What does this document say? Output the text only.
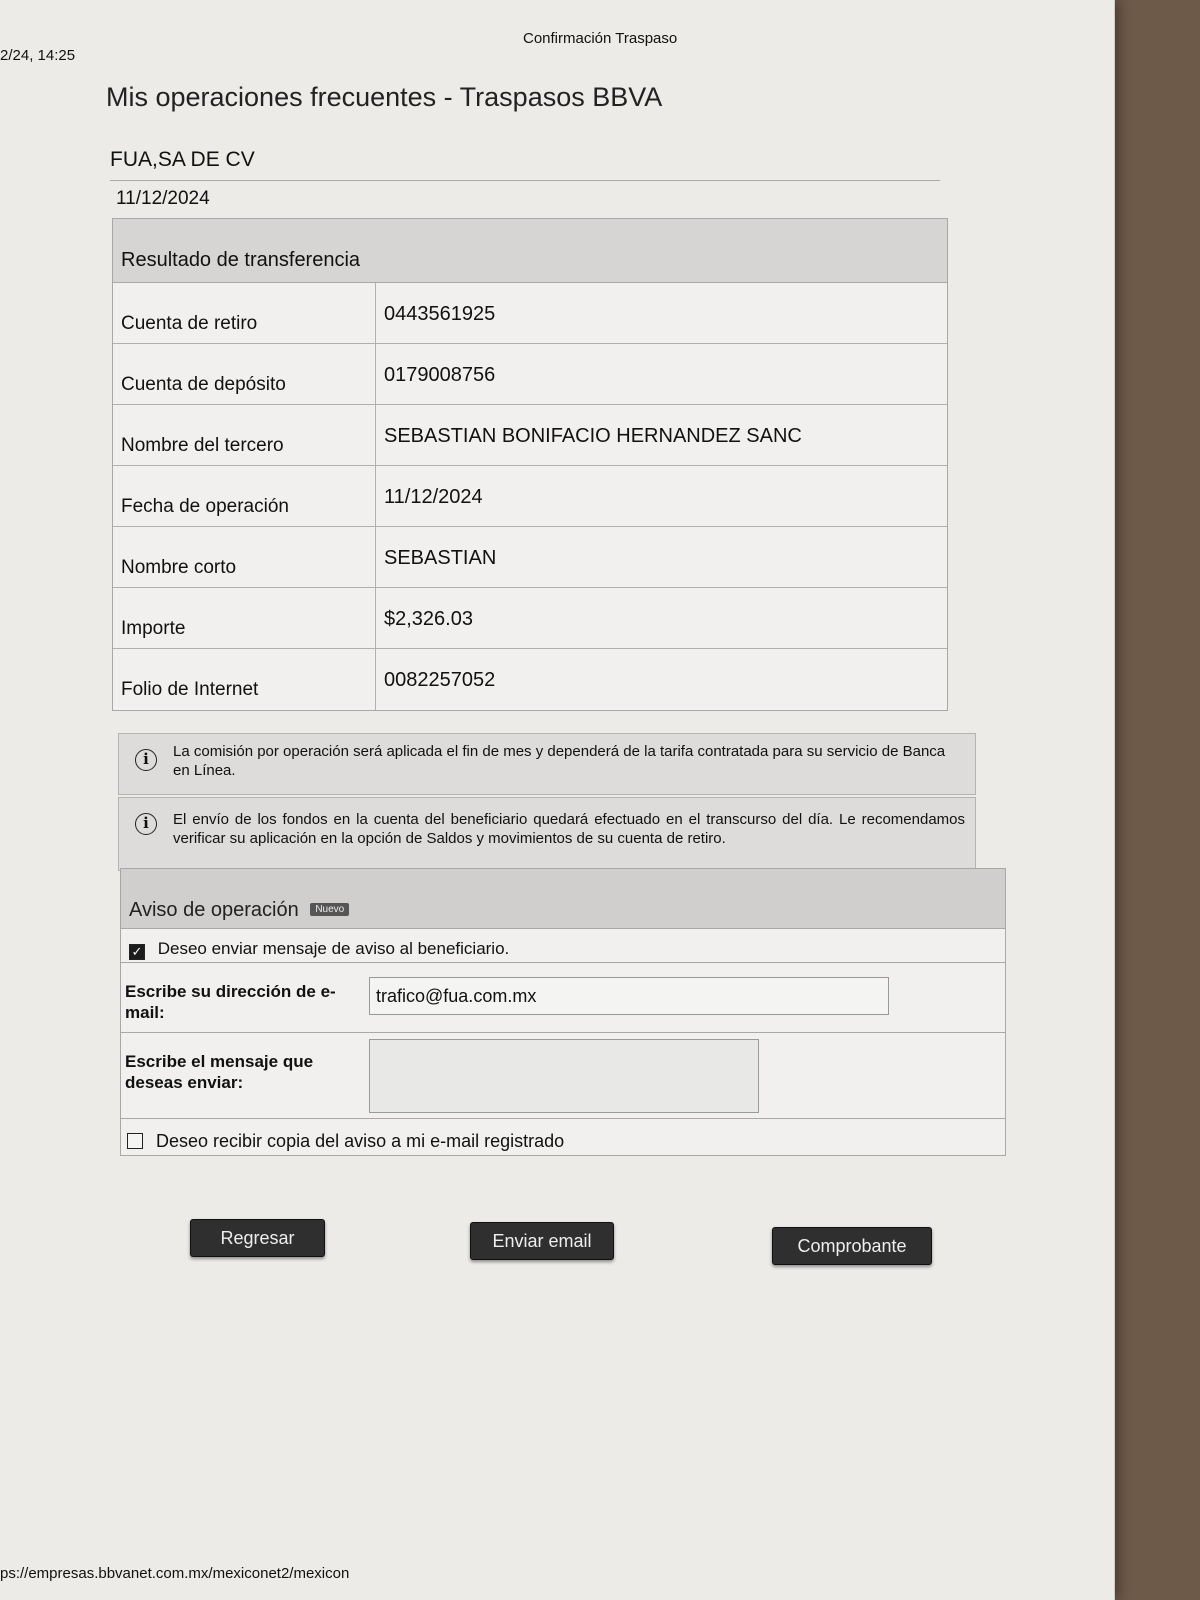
2/24, 14:25
Confirmación Traspaso
Mis operaciones frecuentes - Traspasos BBVA
FUA,SA DE CV
11/12/2024
Resultado de transferencia
Cuenta de retiro	0443561925
Cuenta de depósito	0179008756
Nombre del tercero	SEBASTIAN BONIFACIO HERNANDEZ SANC
Fecha de operación	11/12/2024
Nombre corto	SEBASTIAN
Importe	$2,326.03
Folio de Internet	0082257052
i	La comisión por operación será aplicada el fin de mes y dependerá de la tarifa contratada para su servicio de Banca en Línea.
i	El envío de los fondos en la cuenta del beneficiario quedará efectuado en el transcurso del día. Le recomendamos verificar su aplicación en la opción de Saldos y movimientos de su cuenta de retiro.
Aviso de operación Nuevo
✓ Deseo enviar mensaje de aviso al beneficiario.
Escribe su dirección de e-mail:
trafico@fua.com.mx
Escribe el mensaje que deseas enviar:
Deseo recibir copia del aviso a mi e-mail registrado
Regresar	Enviar email	Comprobante
ps://empresas.bbvanet.com.mx/mexiconet2/mexicon
